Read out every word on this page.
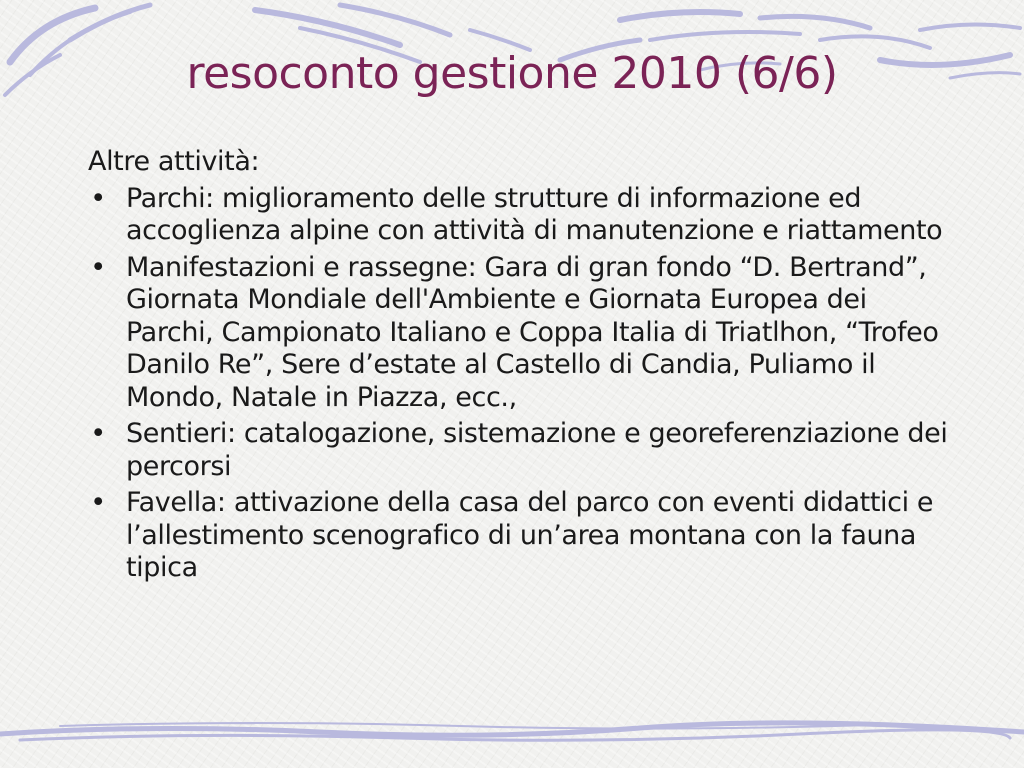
resoconto gestione 2010 (6/6)

Altre attività:

• Parchi: miglioramento delle strutture di informazione ed accoglienza alpine con attività di manutenzione e riattamento
• Manifestazioni e rassegne: Gara di gran fondo “D. Bertrand”, Giornata Mondiale dell'Ambiente e Giornata Europea dei Parchi, Campionato Italiano e Coppa Italia di Triatlhon, “Trofeo Danilo Re”, Sere d’estate al Castello di Candia, Puliamo il Mondo, Natale in Piazza, ecc.,
• Sentieri: catalogazione, sistemazione e georeferenziazione dei percorsi
• Favella: attivazione della casa del parco con eventi didattici e l’allestimento scenografico di un’area montana con la fauna tipica
